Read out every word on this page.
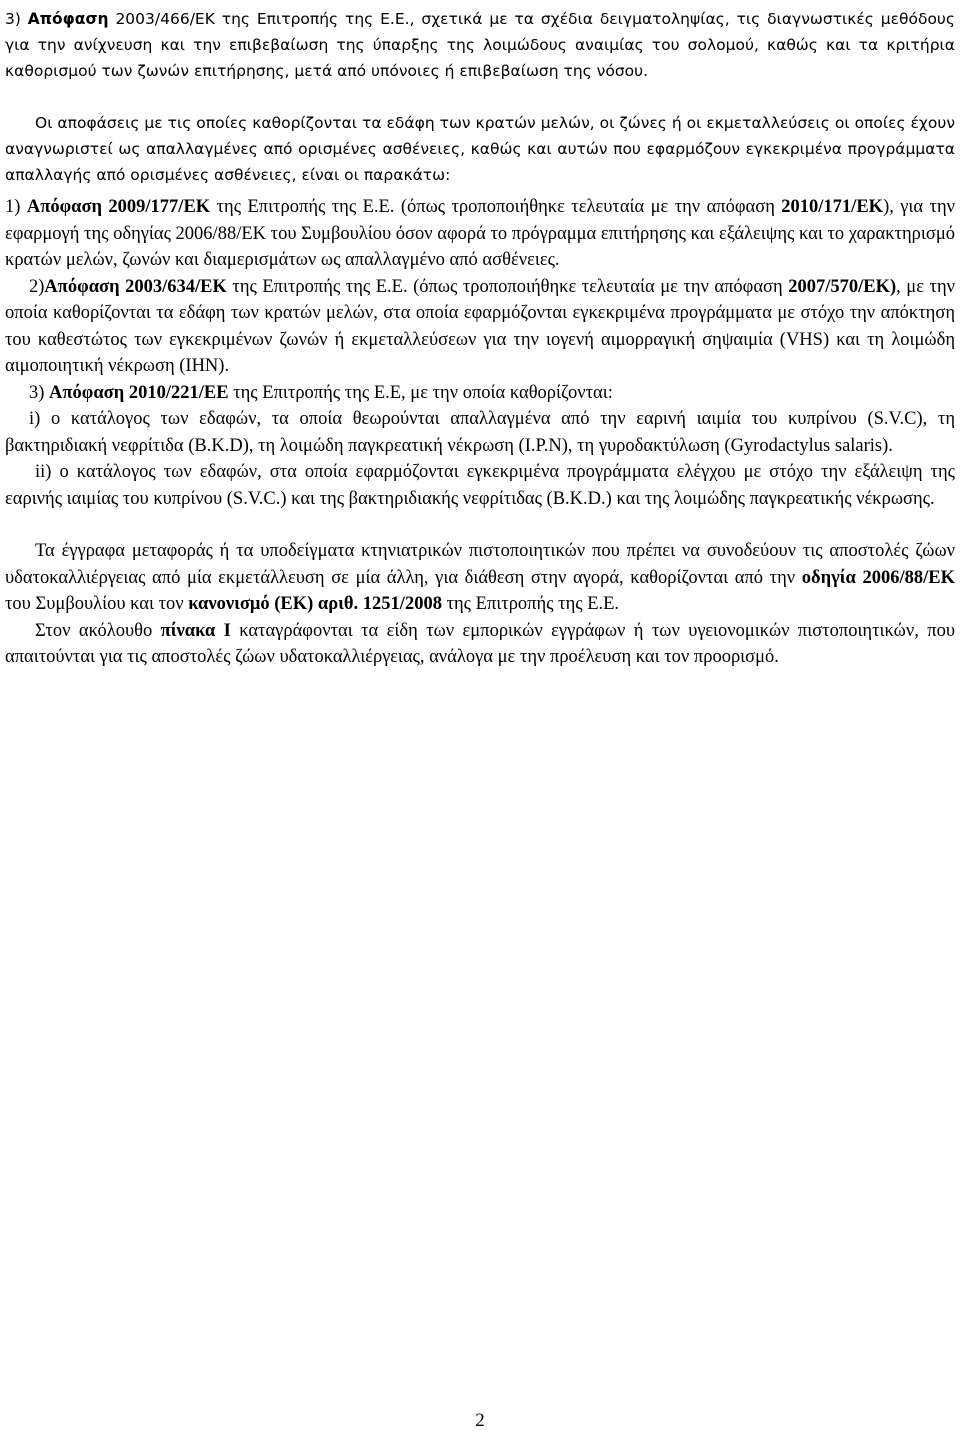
3) Απόφαση 2003/466/ΕΚ της Επιτροπής της Ε.Ε., σχετικά με τα σχέδια δειγματοληψίας, τις διαγνωστικές μεθόδους για την ανίχνευση και την επιβεβαίωση της ύπαρξης της λοιμώδους αναιμίας του σολομού, καθώς και τα κριτήρια καθορισμού των ζωνών επιτήρησης, μετά από υπόνοιες ή επιβεβαίωση της νόσου.

Οι αποφάσεις με τις οποίες καθορίζονται τα εδάφη των κρατών μελών, οι ζώνες ή οι εκμεταλλεύσεις οι οποίες έχουν αναγνωριστεί ως απαλλαγμένες από ορισμένες ασθένειες, καθώς και αυτών που εφαρμόζουν εγκεκριμένα προγράμματα απαλλαγής από ορισμένες ασθένειες, είναι οι παρακάτω:

1) Απόφαση 2009/177/ΕΚ της Επιτροπής της Ε.Ε. (όπως τροποποιήθηκε τελευταία με την απόφαση 2010/171/ΕΚ), για την εφαρμογή της οδηγίας 2006/88/ΕΚ του Συμβουλίου όσον αφορά το πρόγραμμα επιτήρησης και εξάλειψης και το χαρακτηρισμό κρατών μελών, ζωνών και διαμερισμάτων ως απαλλαγμένο από ασθένειες.

2)Απόφαση 2003/634/ΕΚ της Επιτροπής της Ε.Ε. (όπως τροποποιήθηκε τελευταία με την απόφαση 2007/570/ΕΚ), με την οποία καθορίζονται τα εδάφη των κρατών μελών, στα οποία εφαρμόζονται εγκεκριμένα προγράμματα με στόχο την απόκτηση του καθεστώτος των εγκεκριμένων ζωνών ή εκμεταλλεύσεων για την ιογενή αιμορραγική σηψαιμία (VHS) και τη λοιμώδη αιμοποιητική νέκρωση (IHN).

3) Απόφαση 2010/221/ΕΕ της Επιτροπής της Ε.Ε, με την οποία καθορίζονται:

i) ο κατάλογος των εδαφών, τα οποία θεωρούνται απαλλαγμένα από την εαρινή ιαιμία του κυπρίνου (S.V.C), τη βακτηριδιακή νεφρίτιδα (B.K.D), τη λοιμώδη παγκρεατική νέκρωση (I.P.N), τη γυροδακτύλωση (Gyrodactylus salaris).

ii) ο κατάλογος των εδαφών, στα οποία εφαρμόζονται εγκεκριμένα προγράμματα ελέγχου με στόχο την εξάλειψη της εαρινής ιαιμίας του κυπρίνου (S.V.C.) και της βακτηριδιακής νεφρίτιδας (B.K.D.) και της λοιμώδης παγκρεατικής νέκρωσης.

Τα έγγραφα μεταφοράς ή τα υποδείγματα κτηνιατρικών πιστοποιητικών που πρέπει να συνοδεύουν τις αποστολές ζώων υδατοκαλλιέργειας από μία εκμετάλλευση σε μία άλλη, για διάθεση στην αγορά, καθορίζονται από την οδηγία 2006/88/ΕΚ του Συμβουλίου και τον κανονισμό (ΕΚ) αριθ. 1251/2008 της Επιτροπής της Ε.Ε.

Στον ακόλουθο πίνακα Ι καταγράφονται τα είδη των εμπορικών εγγράφων ή των υγειονομικών πιστοποιητικών, που απαιτούνται για τις αποστολές ζώων υδατοκαλλιέργειας, ανάλογα με την προέλευση και τον προορισμό.

2
